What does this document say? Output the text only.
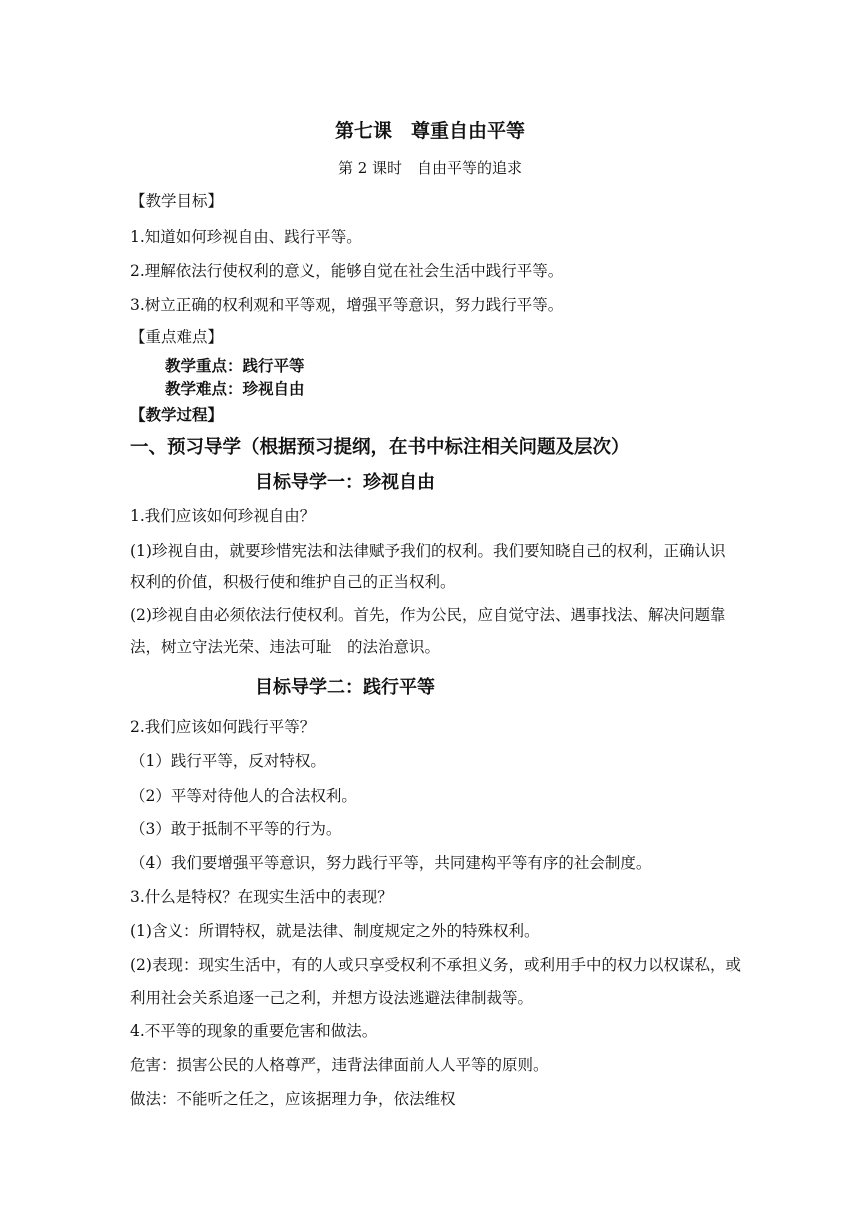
第七课　尊重自由平等
第 2 课时　自由平等的追求
【教学目标】
1.知道如何珍视自由、践行平等。
2.理解依法行使权利的意义，能够自觉在社会生活中践行平等。
3.树立正确的权利观和平等观，增强平等意识，努力践行平等。
【重点难点】
教学重点：践行平等
教学难点：珍视自由
【教学过程】
一、预习导学（根据预习提纲，在书中标注相关问题及层次）
目标导学一：珍视自由
1.我们应该如何珍视自由？
(1)珍视自由，就要珍惜宪法和法律赋予我们的权利。我们要知晓自己的权利，正确认识
权利的价值，积极行使和维护自己的正当权利。
(2)珍视自由必须依法行使权利。首先，作为公民，应自觉守法、遇事找法、解决问题靠
法，树立守法光荣、违法可耻　的法治意识。
目标导学二：践行平等
2.我们应该如何践行平等？
（1）践行平等，反对特权。
（2）平等对待他人的合法权利。
（3）敢于抵制不平等的行为。
（4）我们要增强平等意识，努力践行平等，共同建构平等有序的社会制度。
3.什么是特权？在现实生活中的表现？
(1)含义：所谓特权，就是法律、制度规定之外的特殊权利。
(2)表现：现实生活中，有的人或只享受权利不承担义务，或利用手中的权力以权谋私，或
利用社会关系追逐一己之利，并想方设法逃避法律制裁等。
4.不平等的现象的重要危害和做法。
危害：损害公民的人格尊严，违背法律面前人人平等的原则。
做法：不能听之任之，应该据理力争，依法维权
